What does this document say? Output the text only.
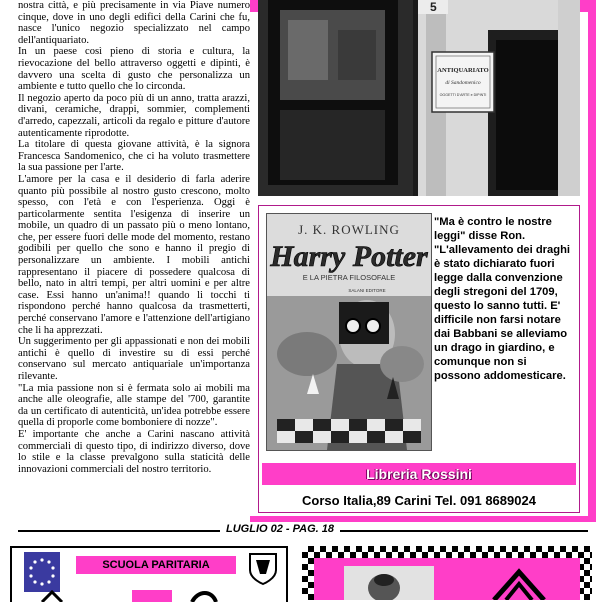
nostra città, e più precisamente in via Piave numero cinque, dove in uno degli edifici della Carini che fu, nasce l'unico negozio specializzato nel campo dell'antiquariato.

In un paese così pieno di storia e cultura, la rievocazione del bello attraverso oggetti e dipinti, è davvero una scelta di gusto che personalizza un ambiente e tutto quello che lo circonda.

Il negozio aperto da poco più di un anno, tratta arazzi, divani, ceramiche, drappi, sommier, complementi d'arredo, capezzali, articoli da regalo e pitture d'autore autenticamente riprodotte.

La titolare di questa giovane attività, è la signora Francesca Sandomenico, che ci ha voluto trasmettere la sua passione per l'arte.

L'amore per la casa e il desiderio di farla aderire quanto più possibile al nostro gusto crescono, molto spesso, con l'età e con l'esperienza. Oggi è particolarmente sentita l'esigenza di inserire un mobile, un quadro di un passato più o meno lontano, che, per essere fuori delle mode del momento, restano godibili per quello che sono e hanno il pregio di personalizzare un ambiente. I mobili antichi rappresentano il piacere di possedere qualcosa di bello, nato in altri tempi, per altri uomini e per altre case. Essi hanno un'anima!! quando li tocchi ti rispondono perché hanno qualcosa da trasmetterti, perché conservano l'amore e l'attenzione dell'artigiano che li ha apprezzati.

Un suggerimento per gli appassionati e non dei mobili antichi è quello di investire su di essi perché conservano sul mercato antiquariale un'importanza rilevante.

"La mia passione non si è fermata solo ai mobili ma anche alle oleografie, alle stampe del '700, garantite da un certificato di autenticità, un'idea potrebbe essere quella di proporle come bomboniere di nozze".

E' importante che anche a Carini nascano attività commerciali di questo tipo, di indirizzo diverso, dove lo stile e la classe prevalgono sulla staticità delle innovazioni commerciali del nostro territorio.

ANTIQUARIATO
di Sandomenico
OGGETTI D'ARTE e DIPINTI
5
J. K. ROWLING
Harry Potter
E LA PIETRA FILOSOFALE
SALANI EDITORE
"Ma è contro le nostre leggi" disse Ron. "L'allevamento dei draghi è stato dichiarato fuori legge dalla convenzione degli stregoni del 1709, questo lo sanno tutti. E' difficile non farsi notare dai Babbani se alleviamo un drago in giardino, e comunque non si possono addomesticare.
Libreria Rossini
Corso Italia,89 Carini Tel. 091 8689024
LUGLIO 02 - PAG. 18
SCUOLA PARITARIA
